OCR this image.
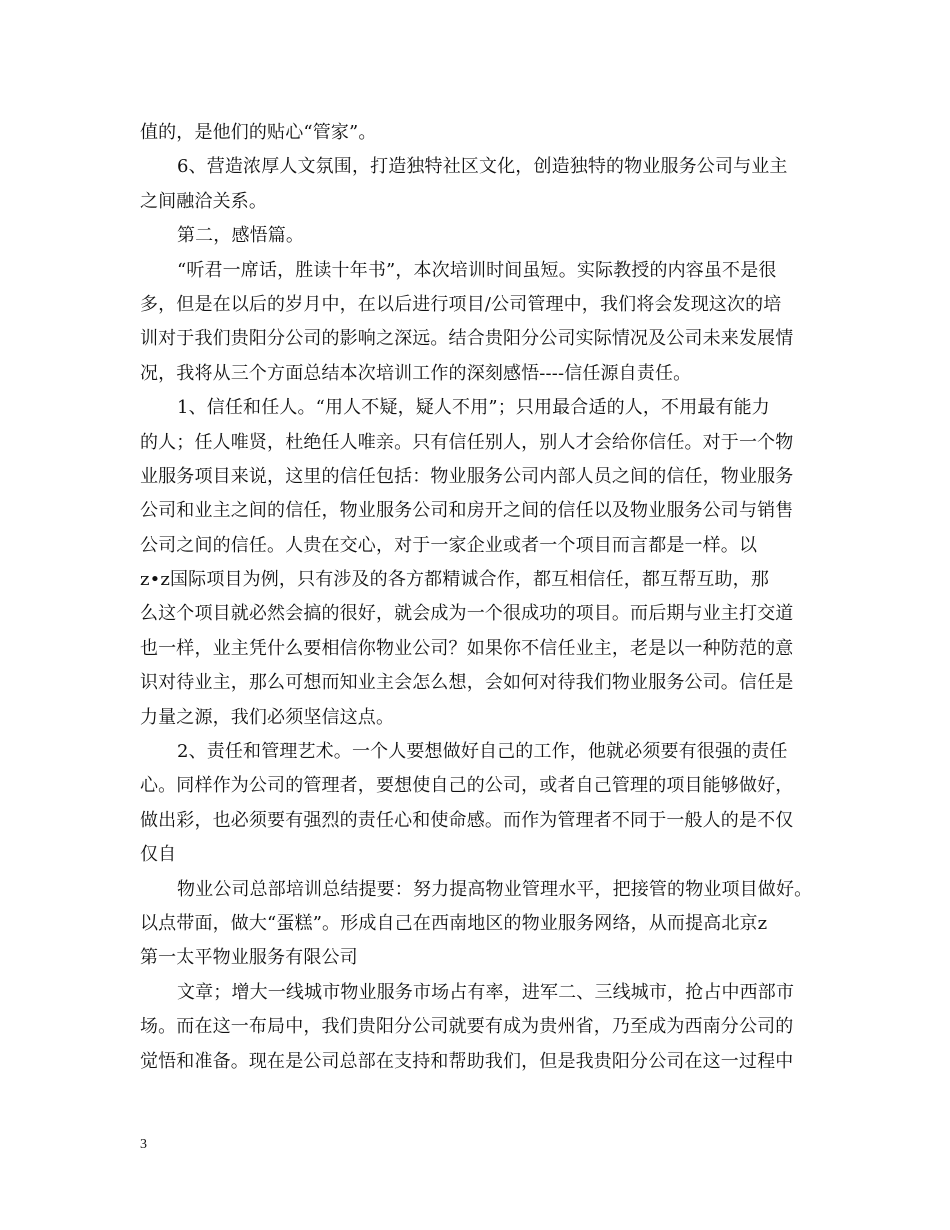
值的，是他们的贴心“管家”。
6、营造浓厚人文氛围，打造独特社区文化，创造独特的物业服务公司与业主
之间融洽关系。
第二，感悟篇。
“听君一席话，胜读十年书”，本次培训时间虽短。实际教授的内容虽不是很
多，但是在以后的岁月中，在以后进行项目/公司管理中，我们将会发现这次的培
训对于我们贵阳分公司的影响之深远。结合贵阳分公司实际情况及公司未来发展情
况，我将从三个方面总结本次培训工作的深刻感悟----信任源自责任。
1、信任和任人。“用人不疑，疑人不用”；只用最合适的人，不用最有能力
的人；任人唯贤，杜绝任人唯亲。只有信任别人，别人才会给你信任。对于一个物
业服务项目来说，这里的信任包括：物业服务公司内部人员之间的信任，物业服务
公司和业主之间的信任，物业服务公司和房开之间的信任以及物业服务公司与销售
公司之间的信任。人贵在交心，对于一家企业或者一个项目而言都是一样。以
z•z国际项目为例，只有涉及的各方都精诚合作，都互相信任，都互帮互助，那
么这个项目就必然会搞的很好，就会成为一个很成功的项目。而后期与业主打交道
也一样，业主凭什么要相信你物业公司？如果你不信任业主，老是以一种防范的意
识对待业主，那么可想而知业主会怎么想，会如何对待我们物业服务公司。信任是
力量之源，我们必须坚信这点。
2、责任和管理艺术。一个人要想做好自己的工作，他就必须要有很强的责任
心。同样作为公司的管理者，要想使自己的公司，或者自己管理的项目能够做好，
做出彩，也必须要有强烈的责任心和使命感。而作为管理者不同于一般人的是不仅
仅自
物业公司总部培训总结提要：努力提高物业管理水平，把接管的物业项目做好。
以点带面，做大“蛋糕”。形成自己在西南地区的物业服务网络，从而提高北京z
第一太平物业服务有限公司
文章；增大一线城市物业服务市场占有率，进军二、三线城市，抢占中西部市
场。而在这一布局中，我们贵阳分公司就要有成为贵州省，乃至成为西南分公司的
觉悟和准备。现在是公司总部在支持和帮助我们，但是我贵阳分公司在这一过程中
3
